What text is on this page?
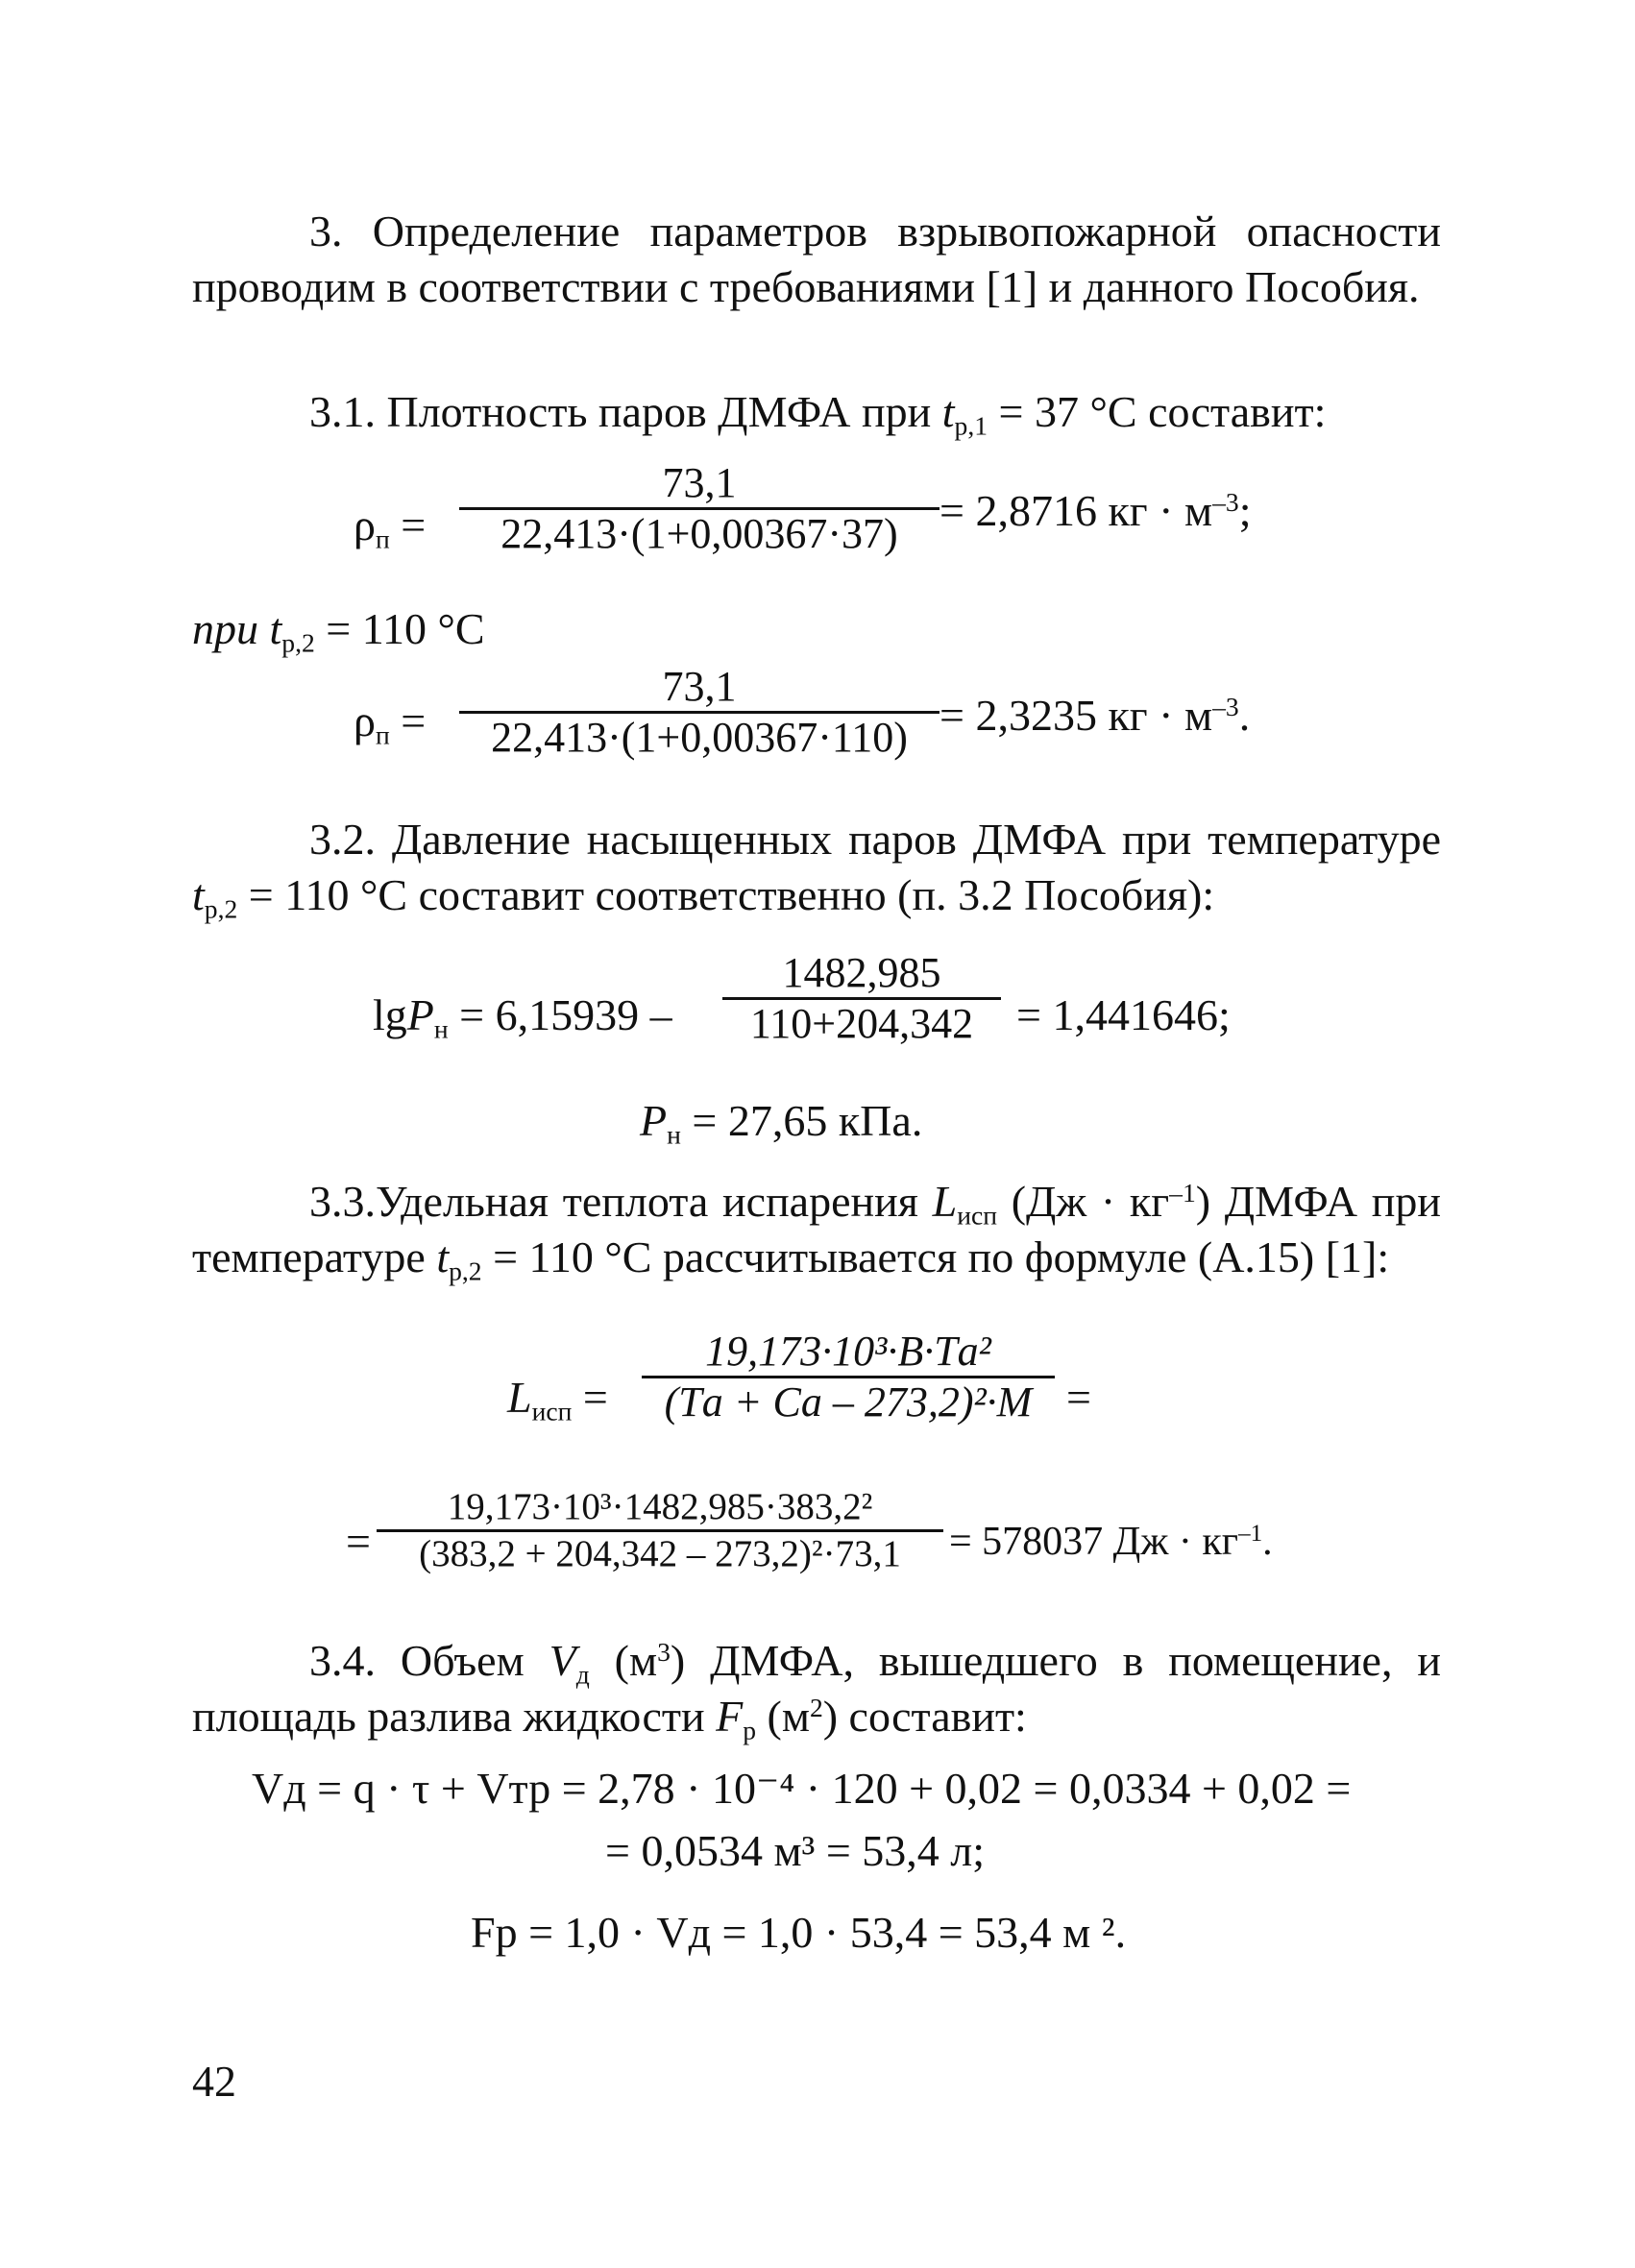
3. Определение параметров взрывопожарной опасности проводим в соответствии с требованиями [1] и данного Пособия.

3.1. Плотность паров ДМФА при $t_{р,1} = 37$ °С составит:

$\rho_п$ =
73,1
22,413·(1+0,00367·37) = 2,8716 кг · $м^{-3}$;
при $t_{р,2} = 110$ °С
$\rho_п$ =
73,1
22,413·(1+0,00367·110) = 2,3235 кг · $м^{-3}$.

3.2. Давление насыщенных паров ДМФА при температуре $t_{р,2} = 110$ °С составит соответственно (п. 3.2 Пособия):

lgP$_н$ = 6,15939 –
1482,985
110+204,342 = 1,441646;
$P_н = 27,65$ кПа.

3.3.Удельная теплота испарения $L_{исп}$ $(Дж \cdot кг^{-1})$ ДМФА при температуре $t_{р,2} = 110$ °С рассчитывается по формуле (А.15) [1]:

$L_{исп}$ =
19,173·10³·B·Tа²
(Tа + Cа – 273,2)²·M =
=
19,173·10³·1482,985·383,2²
(383,2 + 204,342 – 273,2)²·73,1	= 578037 Дж · $кг^{-1}$.

3.4. Объем $V_д$ $(м^3)$ ДМФА, вышедшего в помещение, и площадь разлива жидкости $F_р$ $(м^2)$ составит:

Vд = q · τ + Vтр = 2,78 · 10⁻⁴ · 120 + 0,02 = 0,0334 + 0,02 =
= 0,0534 м³ = 53,4 л;
Fр = 1,0 · Vд = 1,0 · 53,4 = 53,4 м ².
42
